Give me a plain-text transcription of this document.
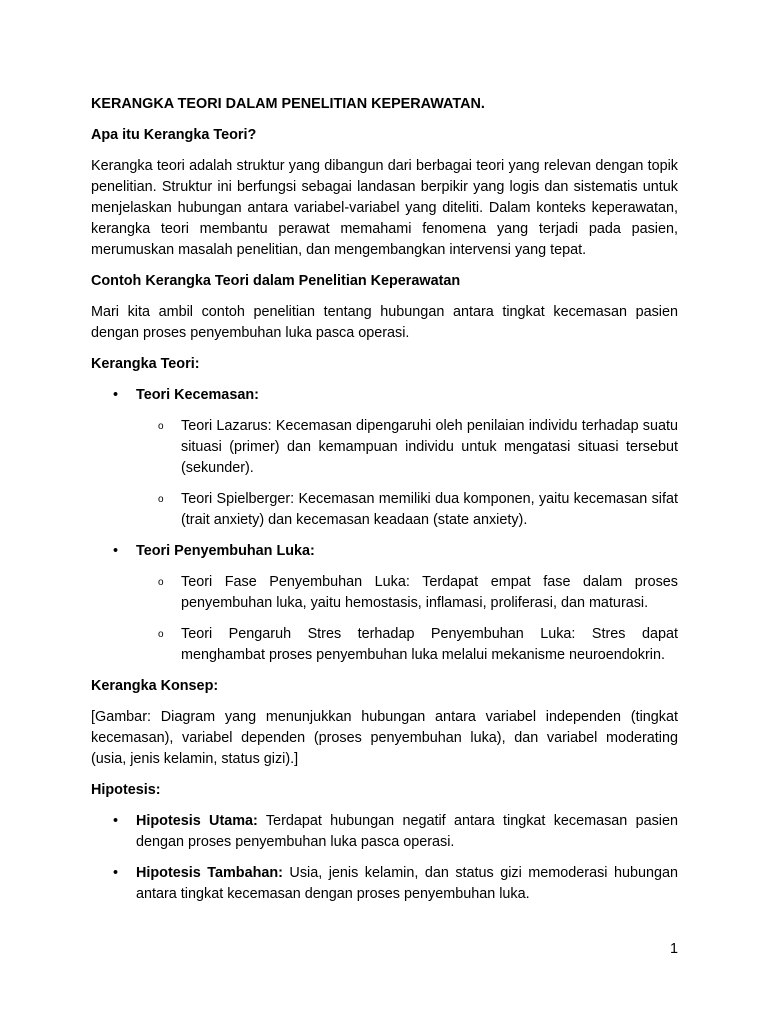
KERANGKA TEORI DALAM PENELITIAN KEPERAWATAN.
Apa itu Kerangka Teori?

Kerangka teori adalah struktur yang dibangun dari berbagai teori yang relevan dengan topik penelitian. Struktur ini berfungsi sebagai landasan berpikir yang logis dan sistematis untuk menjelaskan hubungan antara variabel-variabel yang diteliti. Dalam konteks keperawatan, kerangka teori membantu perawat memahami fenomena yang terjadi pada pasien, merumuskan masalah penelitian, dan mengembangkan intervensi yang tepat.

Contoh Kerangka Teori dalam Penelitian Keperawatan

Mari kita ambil contoh penelitian tentang hubungan antara tingkat kecemasan pasien dengan proses penyembuhan luka pasca operasi.

Kerangka Teori:
• Teori Kecemasan:
o Teori Lazarus: Kecemasan dipengaruhi oleh penilaian individu terhadap suatu situasi (primer) dan kemampuan individu untuk mengatasi situasi tersebut (sekunder).
o Teori Spielberger: Kecemasan memiliki dua komponen, yaitu kecemasan sifat (trait anxiety) dan kecemasan keadaan (state anxiety).
• Teori Penyembuhan Luka:
o Teori Fase Penyembuhan Luka: Terdapat empat fase dalam proses penyembuhan luka, yaitu hemostasis, inflamasi, proliferasi, dan maturasi.
o Teori Pengaruh Stres terhadap Penyembuhan Luka: Stres dapat menghambat proses penyembuhan luka melalui mekanisme neuroendokrin.
Kerangka Konsep:

[Gambar: Diagram yang menunjukkan hubungan antara variabel independen (tingkat kecemasan), variabel dependen (proses penyembuhan luka), dan variabel moderating (usia, jenis kelamin, status gizi).]

Hipotesis:
• Hipotesis Utama: Terdapat hubungan negatif antara tingkat kecemasan pasien dengan proses penyembuhan luka pasca operasi.
• Hipotesis Tambahan: Usia, jenis kelamin, dan status gizi memoderasi hubungan antara tingkat kecemasan dengan proses penyembuhan luka.
1
